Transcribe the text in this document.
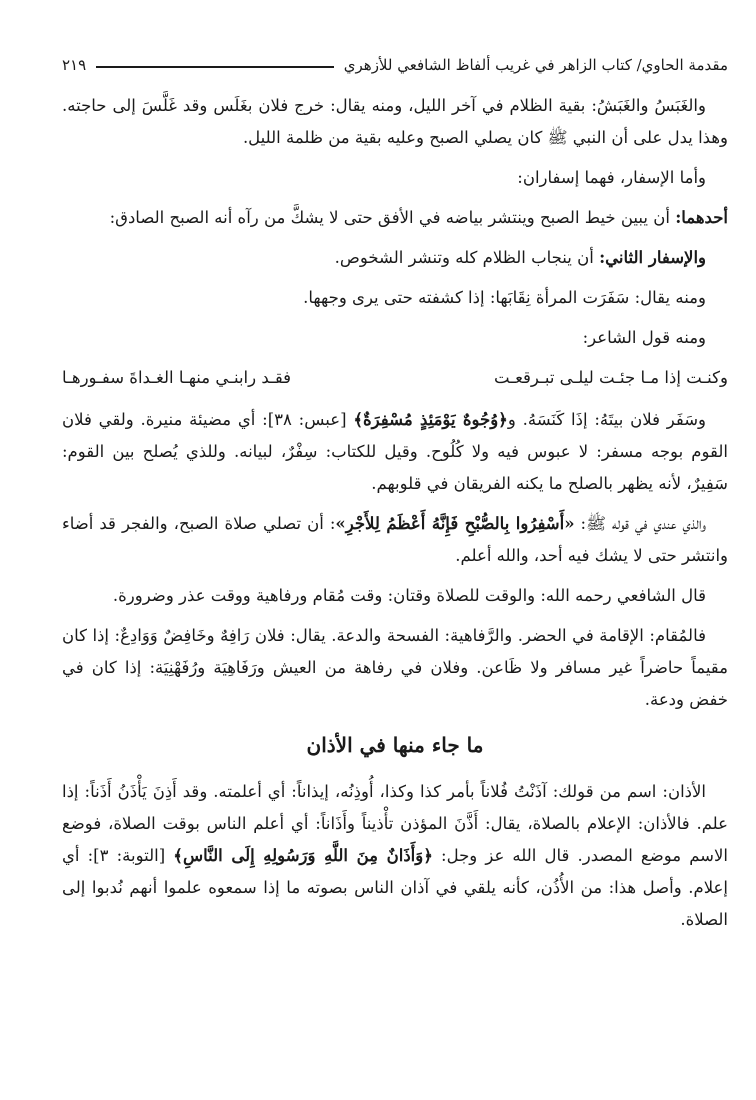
مقدمة الحاوي/ كتاب الزاهر في غريب ألفاظ الشافعي للأزهري
٢١٩

والغَبَسُ والغَبَشُ: بقية الظلام في آخر الليل، ومنه يقال: خرج فلان بغَلَس وقد غَلَّسَ إلى حاجته. وهذا يدل على أن النبي ﷺ كان يصلي الصبح وعليه بقية من ظلمة الليل.

وأما الإسفار، فهما إسفاران:

أحدهما: أن يبين خيط الصبح وينتشر بياضه في الأفق حتى لا يشكَّ من رآه أنه الصبح الصادق:

والإسفار الثاني: أن ينجاب الظلام كله وتنشر الشخوص.

ومنه يقال: سَفَرَت المرأة نِقَابَها: إذا كشفته حتى يرى وجهها.

ومنه قول الشاعر:

وكنـت إذا مـا جئـت ليلـى تبـرقعـت
فقـد رابنـي منهـا الغـداةَ سفـورهـا

وسَفَر فلان بيتَهُ: إذَا كَنَسَهُ. و﴿وُجُوهٌ يَوْمَئِذٍ مُسْفِرَةٌ﴾ [عبس: ٣٨]: أي مضيئة منيرة. ولقي فلان القوم بوجه مسفر: لا عبوس فيه ولا كُلُوح. وقيل للكتاب: سِفْرٌ، لبيانه. وللذي يُصلح بين القوم: سَفِيرٌ، لأنه يظهر بالصلح ما يكنه الفريقان في قلوبهم.

والذي عندي في قوله ﷺ: «أَسْفِرُوا بِالصُّبْحِ فَإِنَّهُ أَعْظَمُ لِلأَجْرِ»: أن تصلي صلاة الصبح، والفجر قد أضاء وانتشر حتى لا يشك فيه أحد، والله أعلم.

قال الشافعي رحمه الله: والوقت للصلاة وقتان: وقت مُقام ورفاهية ووقت عذر وضرورة.

فالمُقام: الإقامة في الحضر. والرَّفاهية: الفسحة والدعة. يقال: فلان رَافِهٌ وخَافِضٌ وَوَادِعٌ: إذا كان مقيماً حاضراً غير مسافر ولا ظَاعن. وفلان في رفاهة من العيش ورَفَاهِيَة ورُفَهْنِيَة: إذا كان في خفض ودعة.

ما جاء منها في الأذان

الأذان: اسم من قولك: آذَنْتُ فُلاناً بأمر كذا وكذا، أُوذِنُه، إيذاناً: أي أعلمته. وقد أَذِنَ يَأْذَنُ أَذَناً: إذا علم. فالأذان: الإعلام بالصلاة، يقال: أَذَّنَ المؤذن تأْذيناً وأَذَاناً: أي أعلم الناس بوقت الصلاة، فوضع الاسم موضع المصدر. قال الله عز وجل: ﴿وَأَذَانٌ مِنَ اللَّهِ وَرَسُولِهِ إِلَى النَّاسِ﴾ [التوبة: ٣]: أي إعلام. وأصل هذا: من الأُذُن، كأنه يلقي في آذان الناس بصوته ما إذا سمعوه علموا أنهم نُدبوا إلى الصلاة.
